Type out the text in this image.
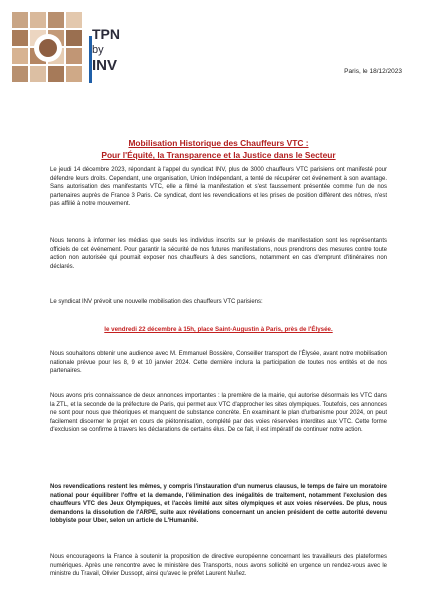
TPN
by
INV	Paris, le 18/12/2023
Mobilisation Historique des Chauffeurs VTC :
Pour l'Équité, la Transparence et la Justice dans le Secteur

Le jeudi 14 décembre 2023, répondant à l'appel du syndicat INV, plus de 3000 chauffeurs VTC parisiens ont manifesté pour défendre leurs droits. Cependant, une organisation, Union Indépendant, a tenté de récupérer cet événement à son avantage. Sans autorisation des manifestants VTC, elle a filmé la manifestation et s'est faussement présentée comme l'un de nos partenaires auprès de France 3 Paris. Ce syndicat, dont les revendications et les prises de position diffèrent des nôtres, n'est pas affilié à notre mouvement.

Nous tenons à informer les médias que seuls les individus inscrits sur le préavis de manifestation sont les représentants officiels de cet événement. Pour garantir la sécurité de nos futures manifestations, nous prendrons des mesures contre toute action non autorisée qui pourrait exposer nos chauffeurs à des sanctions, notamment en cas d'emprunt d'itinéraires non déclarés.

Le syndicat INV prévoit une nouvelle mobilisation des chauffeurs VTC parisiens:

le vendredi 22 décembre à 15h, place Saint-Augustin à Paris, près de l'Élysée.

Nous souhaitons obtenir une audience avec M. Emmanuel Bossière, Conseiller transport de l'Élysée, avant notre mobilisation nationale prévue pour les 8, 9 et 10 janvier 2024. Cette dernière inclura la participation de toutes nos entités et de nos partenaires.

Nous avons pris connaissance de deux annonces importantes : la première de la mairie, qui autorise désormais les VTC dans la ZTL, et la seconde de la préfecture de Paris, qui permet aux VTC d'approcher les sites olympiques. Toutefois, ces annonces ne sont pour nous que théoriques et manquent de substance concrète. En examinant le plan d'urbanisme pour 2024, on peut facilement discerner le projet en cours de piétonnisation, complété par des voies réservées interdites aux VTC. Cette forme d'exclusion se confirme à travers les déclarations de certains élus. De ce fait, il est impératif de continuer notre action.

Nos revendications restent les mêmes, y compris l'instauration d'un numerus clausus, le temps de faire un moratoire national pour équilibrer l'offre et la demande, l'élimination des inégalités de traitement, notamment l'exclusion des chauffeurs VTC des Jeux Olympiques, et l'accès limité aux sites olympiques et aux voies réservées. De plus, nous demandons la dissolution de l'ARPE, suite aux révélations concernant un ancien président de cette autorité devenu lobbyiste pour Uber, selon un article de L'Humanité.

Nous encourageons la France à soutenir la proposition de directive européenne concernant les travailleurs des plateformes numériques. Après une rencontre avec le ministère des Transports, nous avons sollicité en urgence un rendez-vous avec le ministre du Travail, Olivier Dussopt, ainsi qu'avec le préfet Laurent Nuñez.
